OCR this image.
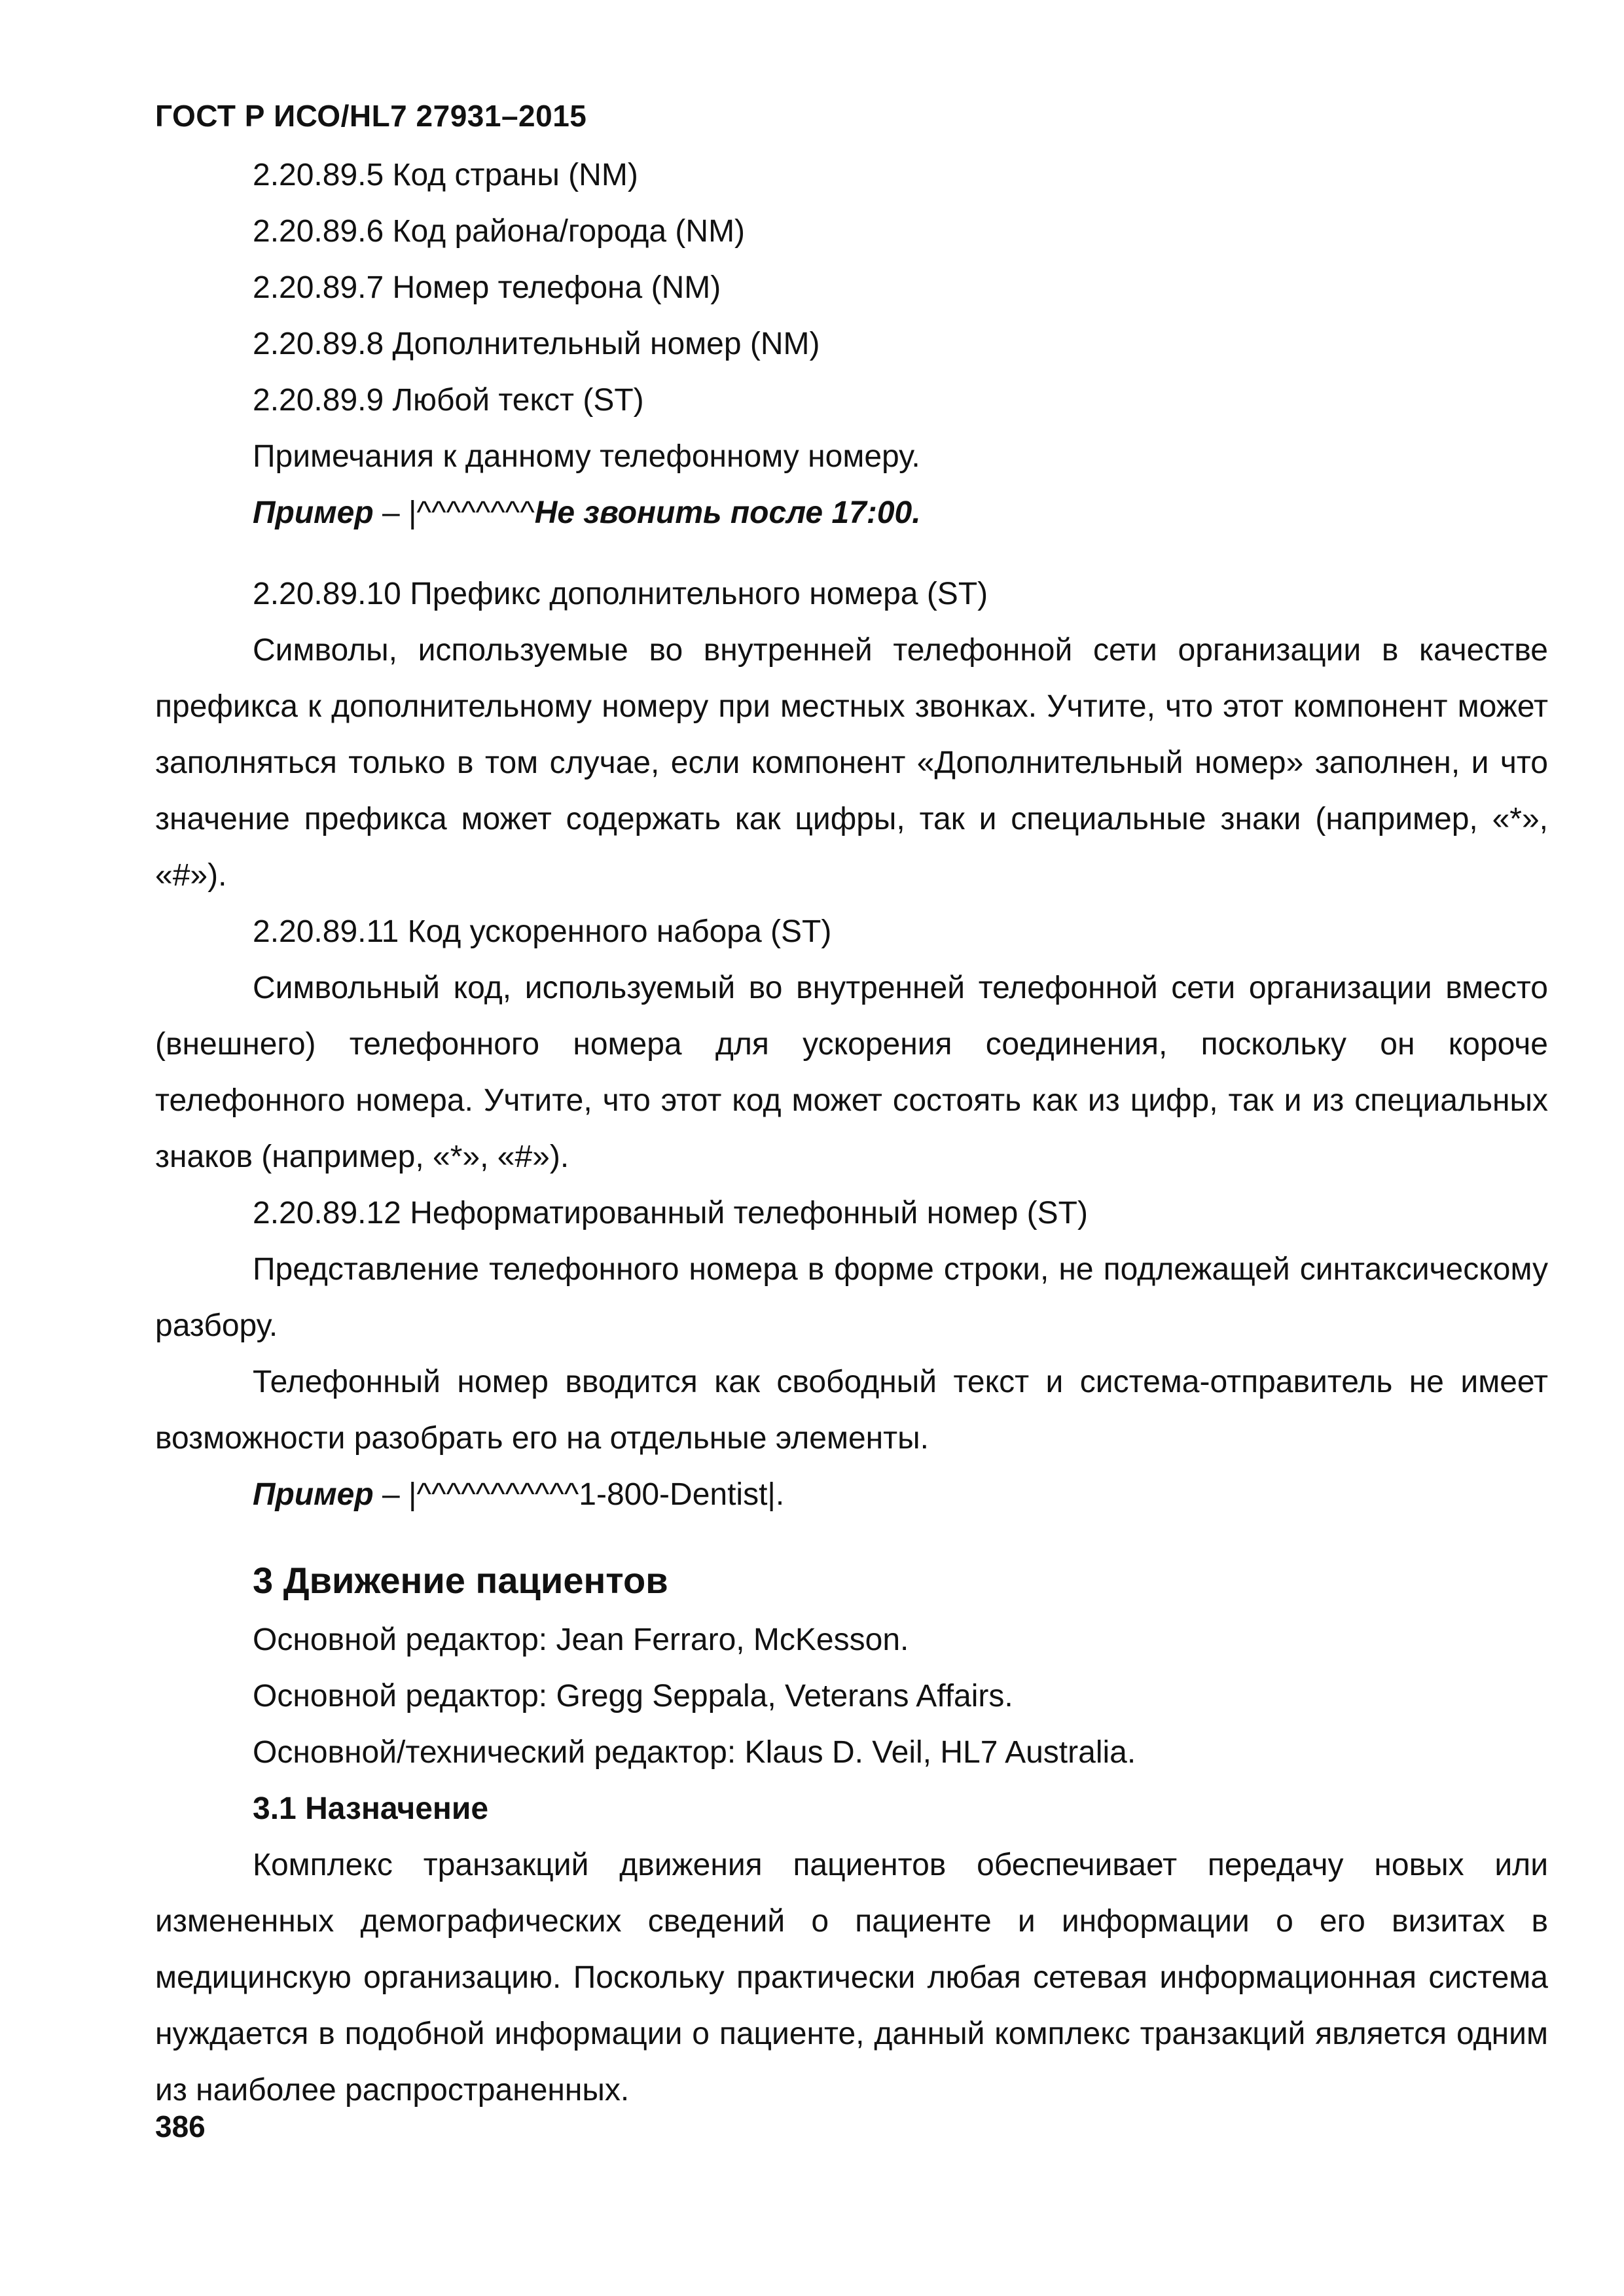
ГОСТ Р ИСО/HL7 27931–2015

2.20.89.5 Код страны (NM)

2.20.89.6 Код района/города (NM)

2.20.89.7 Номер телефона (NM)

2.20.89.8 Дополнительный номер (NM)

2.20.89.9 Любой текст (ST)

Примечания к данному телефонному номеру.

Пример – |^^^^^^^^Не звонить после 17:00.

2.20.89.10 Префикс дополнительного номера (ST)

Символы, используемые во внутренней телефонной сети организации в качестве префикса к дополнительному номеру при местных звонках. Учтите, что этот компонент может заполняться только в том случае, если компонент «Дополнительный номер» заполнен, и что значение префикса может содержать как цифры, так и специальные знаки (например, «*», «#»).

2.20.89.11 Код ускоренного набора (ST)

Символьный код, используемый во внутренней телефонной сети организации вместо (внешнего) телефонного номера для ускорения соединения, поскольку он короче телефонного номера. Учтите, что этот код может состоять как из цифр, так и из специальных знаков (например, «*», «#»).

2.20.89.12 Неформатированный телефонный номер (ST)

Представление телефонного номера в форме строки, не подлежащей синтаксическому разбору.

Телефонный номер вводится как свободный текст и система-отправитель не имеет возможности разобрать его на отдельные элементы.

Пример – |^^^^^^^^^^^1-800-Dentist|.

3 Движение пациентов

Основной редактор: Jean Ferraro, McKesson.

Основной редактор: Gregg Seppala, Veterans Affairs.

Основной/технический редактор: Klaus D. Veil, HL7 Australia.

3.1 Назначение

Комплекс транзакций движения пациентов обеспечивает передачу новых или измененных демографических сведений о пациенте и информации о его визитах в медицинскую организацию. Поскольку практически любая сетевая информационная система нуждается в подобной информации о пациенте, данный комплекс транзакций является одним из наиболее распространенных.

386
